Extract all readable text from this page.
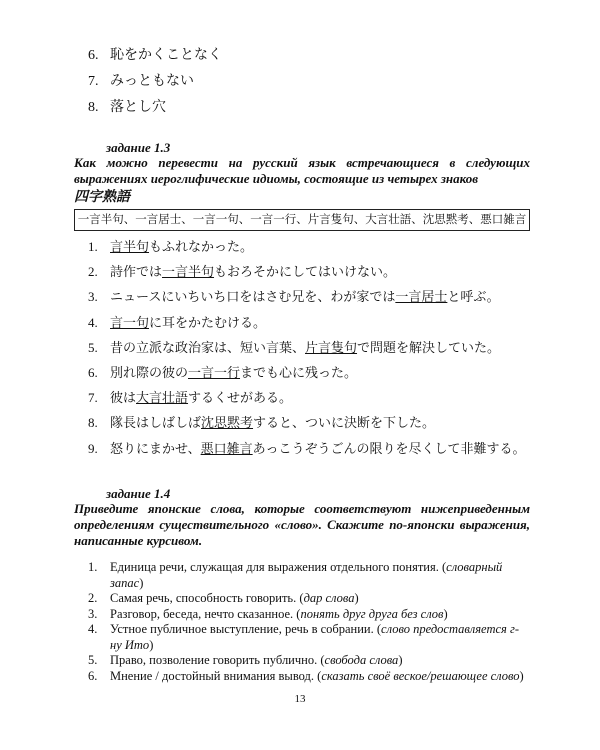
6. 恥をかくことなく
7. みっともない
8. 落とし穴
задание 1.3
Как можно перевести на русский язык встречающиеся в следующих выражениях иероглифические идиомы, состоящие из четырех знаков
四字熟語
一言半句、一言居士、一言一句、一言一行、片言隻句、大言壮語、沈思黙考、悪口雑言
1. 言半句もふれなかった。
2. 詩作では一言半句もおろそかにしてはいけない。
3. ニュースにいちいち口をはさむ兄を、わが家では一言居士と呼ぶ。
4. 言一句に耳をかたむける。
5. 昔の立派な政治家は、短い言葉、片言隻句で問題を解決していた。
6. 別れ際の彼の一言一行までも心に残った。
7. 彼は大言壮語するくせがある。
8. 隊長はしばしば沈思黙考すると、ついに決断を下した。
9. 怒りにまかせ、悪口雑言あっこうぞうごんの限りを尽くして非難する。
задание 1.4
Приведите японские слова, которые соответствуют нижеприведенным определениям существительного «слово». Скажите по-японски выражения, написанные курсивом.
1.	Единица речи, служащая для выражения отдельного понятия. (словарный запас)
2.	Самая речь, способность говорить. (дар слова)
3.	Разговор, беседа, нечто сказанное. (понять друг друга без слов)
4.	Устное публичное выступление, речь в собрании. (слово предоставляется г-ну Ито)
5.	Право, позволение говорить публично. (свобода слова)
6.	Мнение / достойный внимания вывод. (сказать своё веское/решающее слово)
13
